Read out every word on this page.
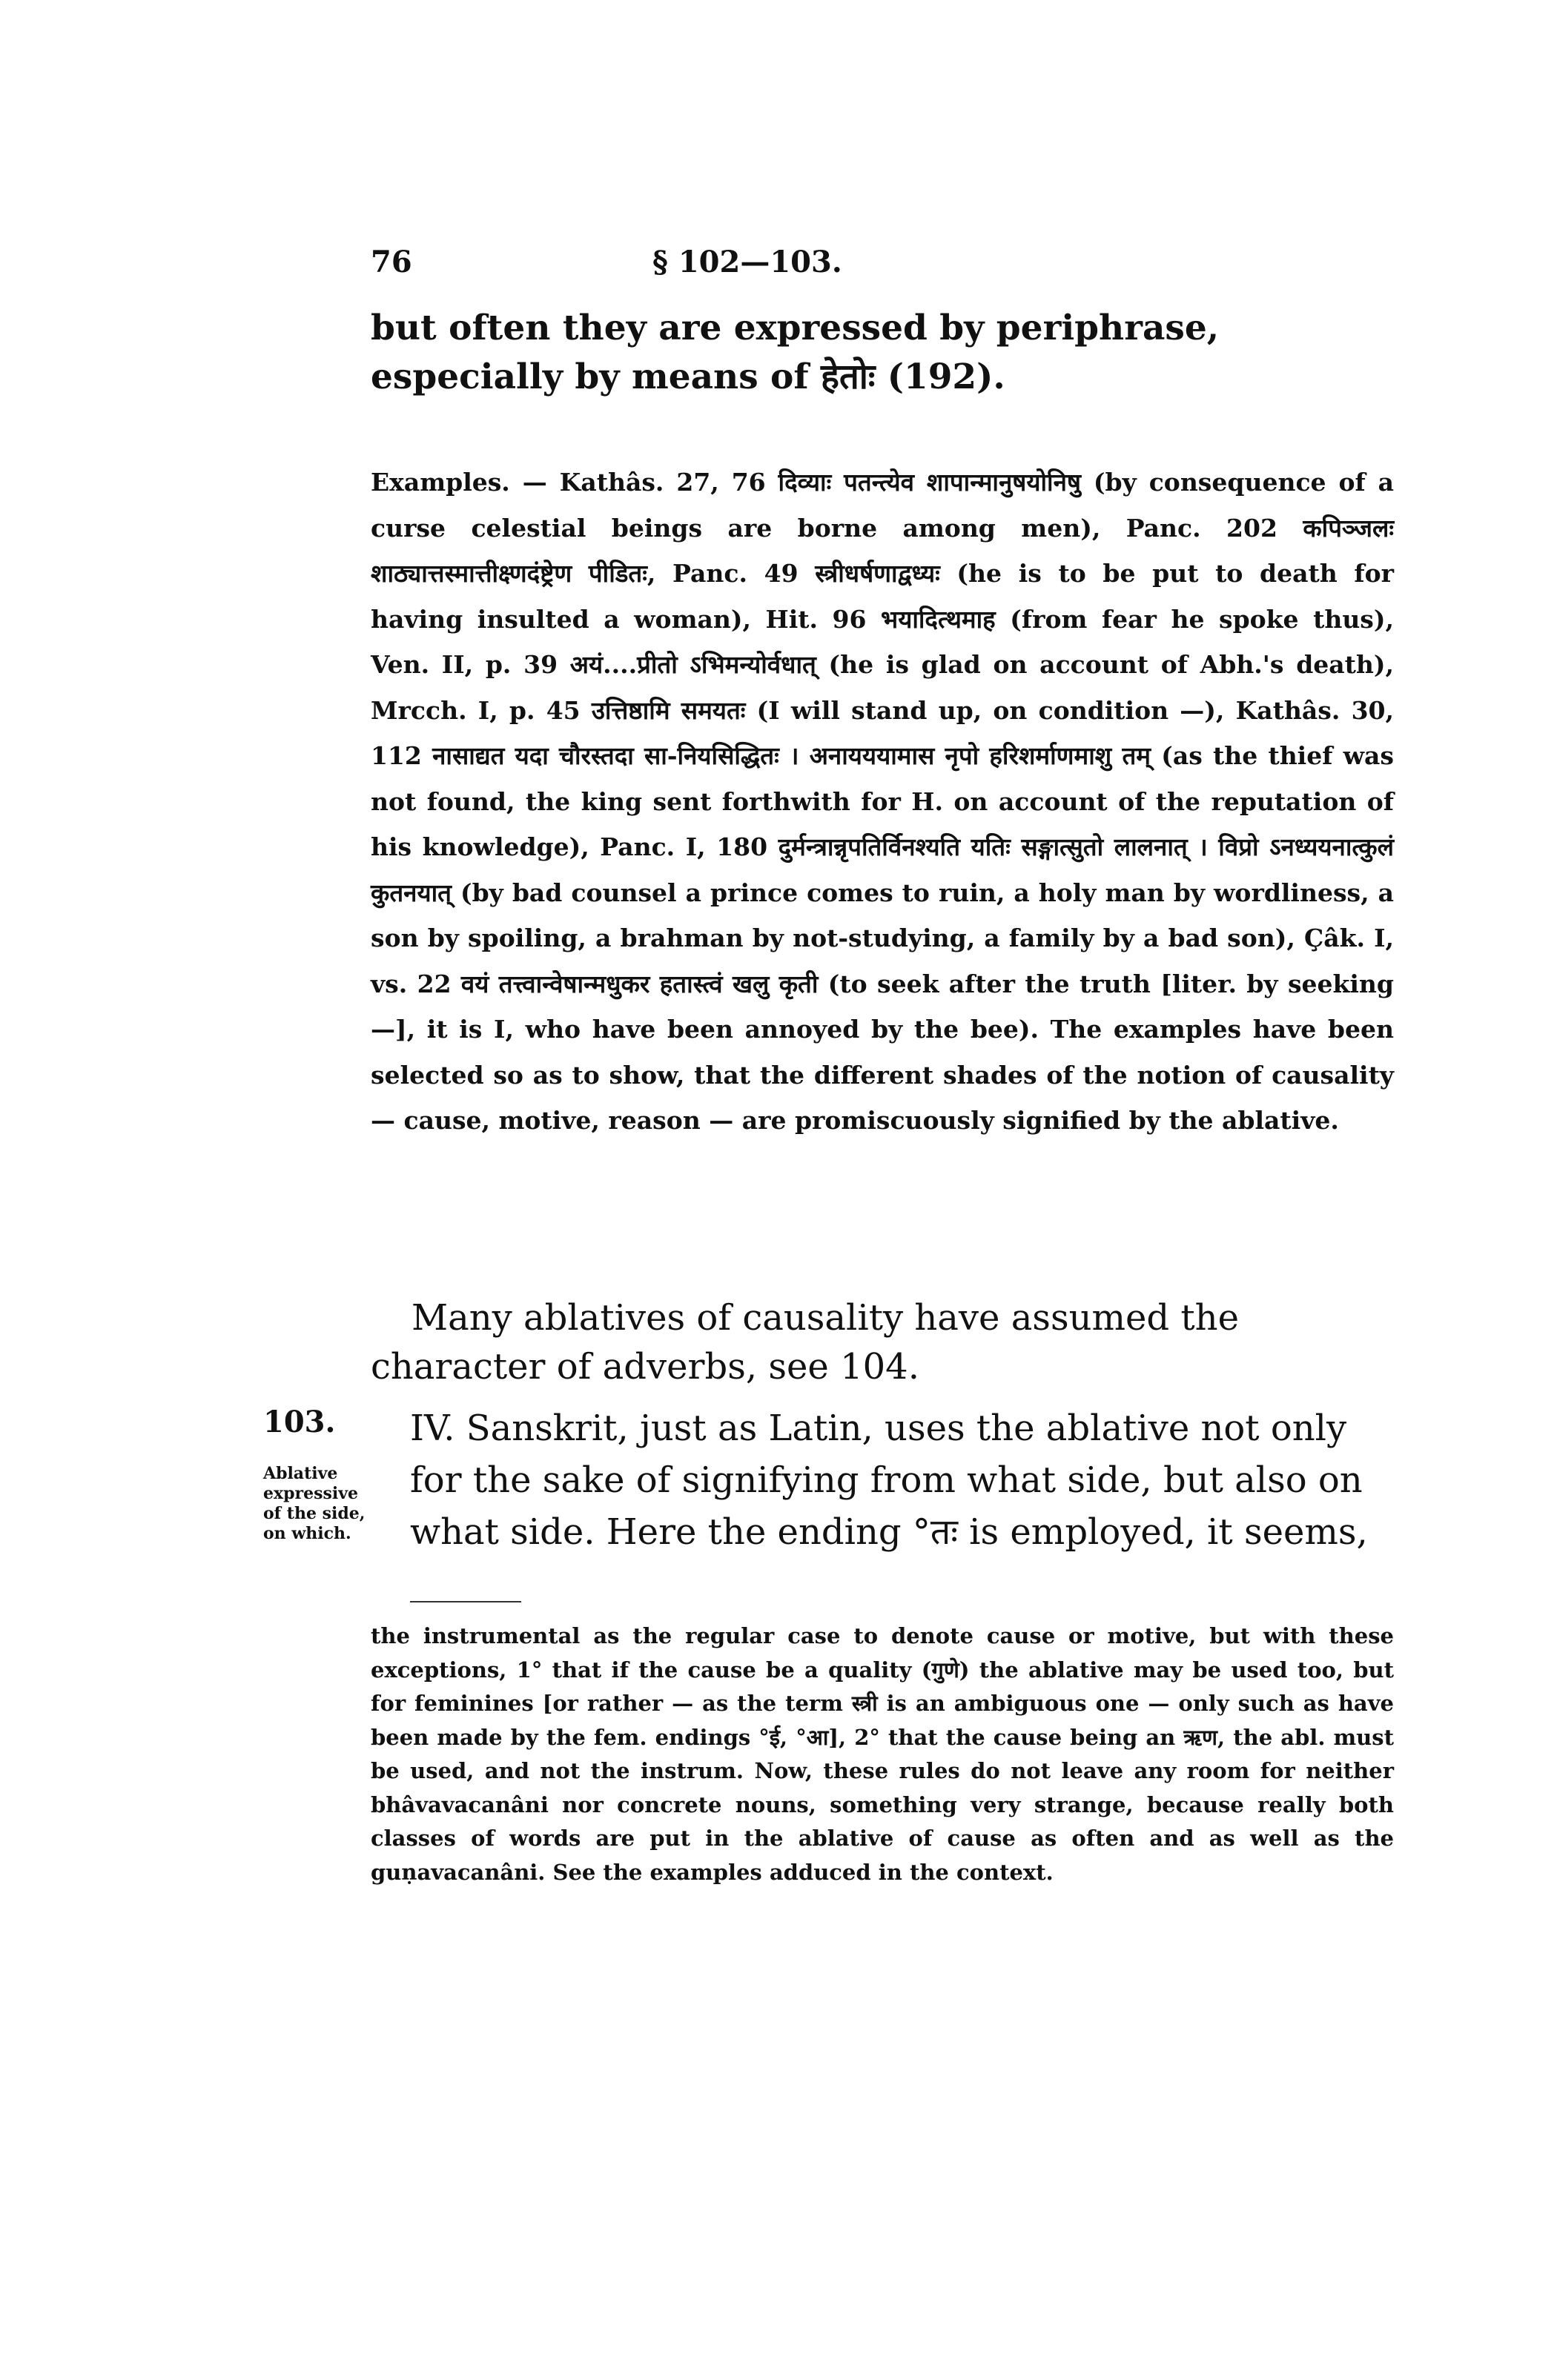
76	§ 102—103.
but often they are expressed by periphrase, especially by means of हेतोः (192).
Examples. — Kathâs. 27, 76 दिव्याः पतन्त्येव शापान्मानुषयोनिषु (by consequence of a curse celestial beings are borne among men), Panc. 202 कपिञ्जलः शाठ्यात्तस्मात्तीक्ष्णदंष्ट्रेण पीडितः, Panc. 49 स्त्रीधर्षणाद्वध्यः (he is to be put to death for having insulted a woman), Hit. 96 भयादित्थमाह (from fear he spoke thus), Ven. II, p. 39 अयं....प्रीतो ऽभिमन्योर्वधात् (he is glad on account of Abh.'s death), Mrcch. I, p. 45 उत्तिष्ठामि समयतः (I will stand up, on condition —), Kathâs. 30, 112 नासाद्यत यदा चौरस्तदा सा-नियसिद्धितः । अनायययामास नृपो हरिशर्माणमाशु तम् (as the thief was not found, the king sent forthwith for H. on account of the reputation of his knowledge), Panc. I, 180 दुर्मन्त्रान्नृपतिर्विनश्यति यतिः सङ्गात्सुतो लालनात् । विप्रो ऽनध्ययनात्कुलं कुतनयात् (by bad counsel a prince comes to ruin, a holy man by wordliness, a son by spoiling, a brahman by not-studying, a family by a bad son), Çâk. I, vs. 22 वयं तत्त्वान्वेषान्मधुकर हतास्त्वं खलु कृती (to seek after the truth [liter. by seeking —], it is I, who have been annoyed by the bee). The examples have been selected so as to show, that the different shades of the notion of causality — cause, motive, reason — are promiscuously signified by the ablative.
Many ablatives of causality have assumed the character of adverbs, see 104.
103.
Ablative expressive of the side, on which.
IV. Sanskrit, just as Latin, uses the ablative not only for the sake of signifying from what side, but also on what side. Here the ending °तः is employed, it seems,
the instrumental as the regular case to denote cause or motive, but with these exceptions, 1° that if the cause be a quality (गुणे) the ablative may be used too, but for feminines [or rather — as the term स्त्री is an ambiguous one — only such as have been made by the fem. endings °ई, °आ], 2° that the cause being an ऋण, the abl. must be used, and not the instrum. Now, these rules do not leave any room for neither bhâvavacanâni nor concrete nouns, something very strange, because really both classes of words are put in the ablative of cause as often and as well as the guṇavacanâni. See the examples adduced in the context.
